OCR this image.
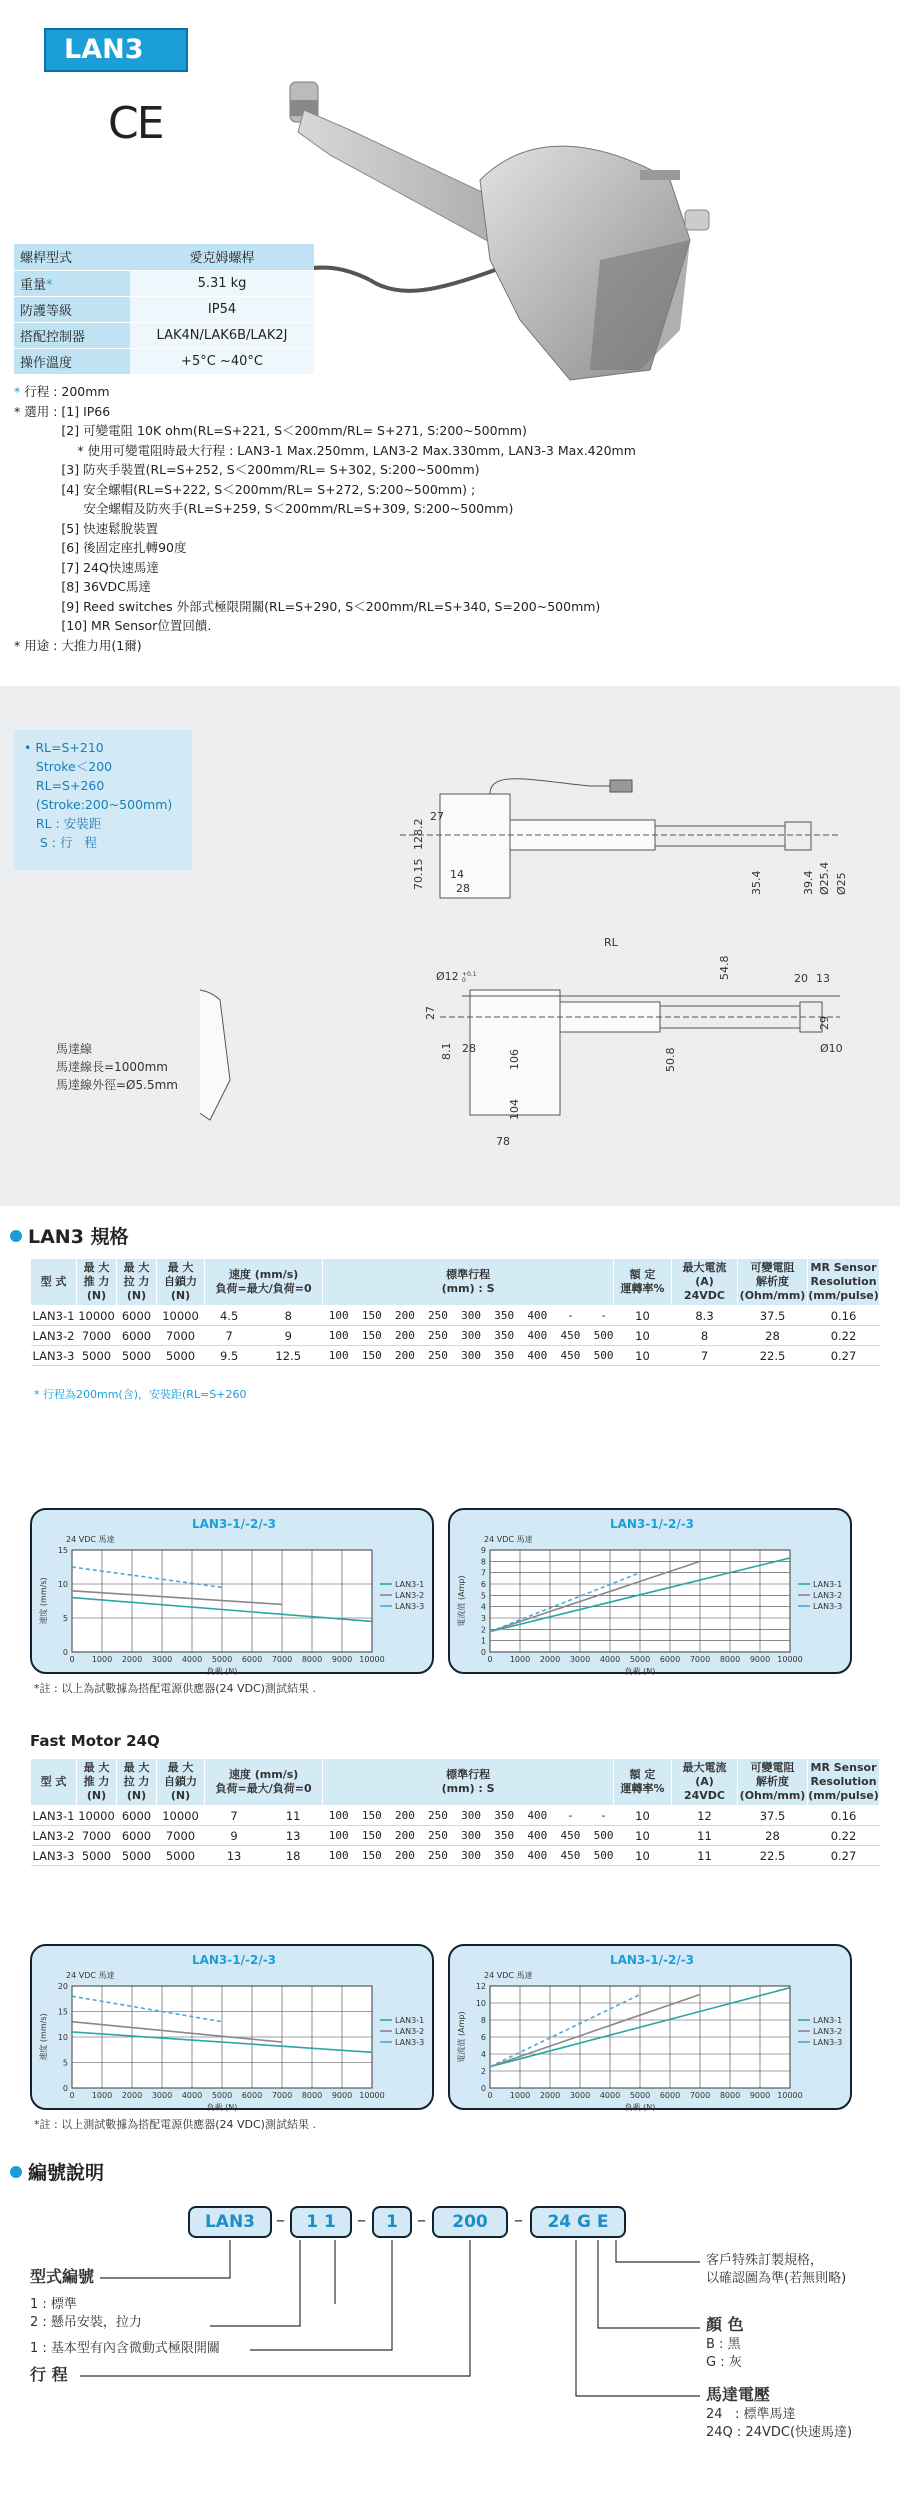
LAN3
CE
螺桿型式	愛克姆螺桿
重量*	5.31 kg
防護等級	IP54
搭配控制器	LAK4N/LAK6B/LAK2J
操作溫度	+5°C ~40°C
* 行程 : 200mm
* 選用 : [1] IP66
[2] 可變電阻 10K ohm(RL=S+221, S＜200mm/RL= S+271, S:200~500mm)
* 使用可變電阻時最大行程 : LAN3-1 Max.250mm, LAN3-2 Max.330mm, LAN3-3 Max.420mm
[3] 防夾手裝置(RL=S+252, S＜200mm/RL= S+302, S:200~500mm)
[4] 安全螺帽(RL=S+222, S＜200mm/RL= S+272, S:200~500mm) ;
安全螺帽及防夾手(RL=S+259, S＜200mm/RL=S+309, S:200~500mm)
[5] 快速鬆脫裝置
[6] 後固定座扎轉90度
[7] 24Q快速馬達
[8] 36VDC馬達
[9] Reed switches 外部式極限開關(RL=S+290, S＜200mm/RL=S+340, S=200~500mm)
[10] MR Sensor位置回饋.
* 用途 : 大推力用(1爾)
• RL=S+210
Stroke＜200
RL=S+260
(Stroke:200~500mm)
RL : 安裝距
S : 行   程
27
128.2
70.15 14
28	35.4	39.4 Ø25.4 Ø25
RL
Ø12 +0.1
0
54.8	20 13
27
29
8.1 28
106	50.8	Ø10
104
78
馬達線
馬達線長=1000mm
馬達線外徑=Ø5.5mm
LAN3 規格
型 式	最 大
推 力
(N)	最 大
拉 力
(N)	最 大
自鎖力
(N)	速度 (mm/s)
負荷=最大/負荷=0		標準行程
(mm) : S	額 定
運轉率%	最大電流
(A)
24VDC	可變電阻
解析度
(Ohm/mm)	MR Sensor
Resolution
(mm/pulse)
LAN3-1	10000	6000	10000	4.5	8	100  150  200  250  300  350  400   -    -	10	8.3	37.5	0.16
LAN3-2	7000	6000	7000	7	9	100  150  200  250  300  350  400  450  500	10	8	28	0.22
LAN3-3	5000	5000	5000	9.5	12.5	100  150  200  250  300  350  400  450  500	10	7	22.5	0.27
* 行程為200mm(含)，安裝距(RL=S+260
LAN3-1/-2/-3
24 VDC 馬達
0 1000 2000 3000 4000 5000 6000 7000 8000 9000 10000
0
5
10
15
負載 (N)
速度 (mm/s)	LAN3-1
LAN3-2
LAN3-3
LAN3-1/-2/-3
24 VDC 馬達
0 1000 2000 3000 4000 5000 6000 7000 8000 9000 10000
0
1
2
3
4
5
6
7
8
9
負載 (N)
電流值 (Amp)	LAN3-1
LAN3-2
LAN3-3
*註 : 以上為試數據為搭配電源供應器(24 VDC)測試結果 .
Fast Motor 24Q
型 式	最 大
推 力
(N)	最 大
拉 力
(N)	最 大
自鎖力
(N)	速度 (mm/s)
負荷=最大/負荷=0		標準行程
(mm) : S	額 定
運轉率%	最大電流
(A)
24VDC	可變電阻
解析度
(Ohm/mm)	MR Sensor
Resolution
(mm/pulse)
LAN3-1	10000	6000	10000	7	11	100  150  200  250  300  350  400   -    -	10	12	37.5	0.16
LAN3-2	7000	6000	7000	9	13	100  150  200  250  300  350  400  450  500	10	11	28	0.22
LAN3-3	5000	5000	5000	13	18	100  150  200  250  300  350  400  450  500	10	11	22.5	0.27
LAN3-1/-2/-3
24 VDC 馬達
0 1000 2000 3000 4000 5000 6000 7000 8000 9000 10000
0
5
10
15
20
負載 (N)
速度 (mm/s)	LAN3-1
LAN3-2
LAN3-3
LAN3-1/-2/-3
24 VDC 馬達
0 1000 2000 3000 4000 5000 6000 7000 8000 9000 10000
0
2
4
6
8
10
12
負載 (N)
電流值 (Amp)	LAN3-1
LAN3-2
LAN3-3
*註 : 以上測試數據為搭配電源供應器(24 VDC)測試結果 .
編號說明
LAN3	–	1 1	–	1	–	200	–	24 G E
型式編號
1 : 標準
2 : 懸吊安裝，拉力
1 : 基本型有內含微動式極限開關
行 程
客戶特殊訂製規格，
以確認圖為準(若無則略)
顏 色
B : 黑
G : 灰
馬達電壓
24   : 標準馬達
24Q : 24VDC(快速馬達)
